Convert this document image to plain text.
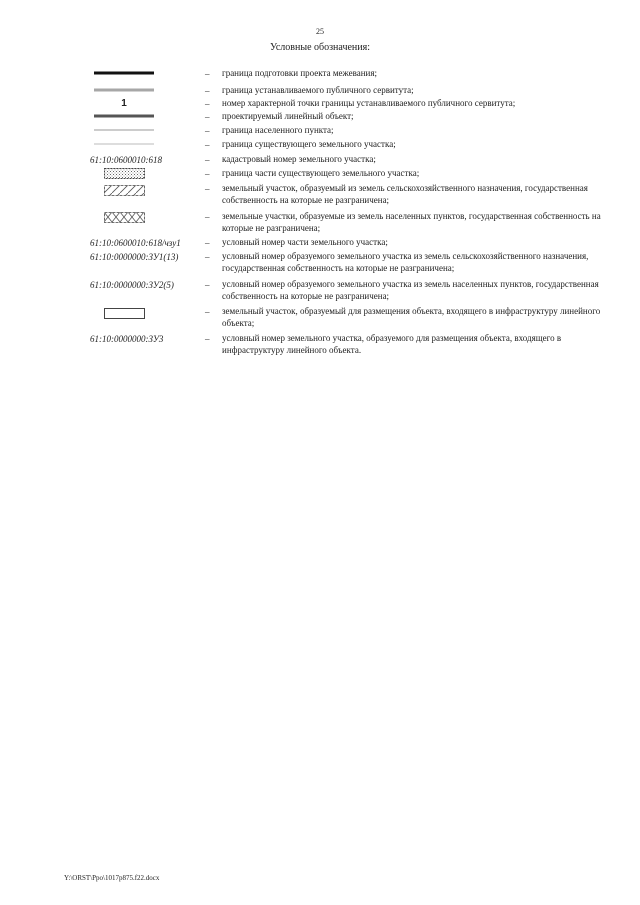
25
Условные обозначения:
– граница подготовки проекта межевания;
– граница устанавливаемого публичного сервитута;
1	– номер характерной точки границы устанавливаемого публичного сервитута;
– проектируемый линейный объект;
– граница населенного пункта;
– граница существующего земельного участка;
61:10:0600010:618	– кадастровый номер земельного участка;
– граница части существующего земельного участка;
– земельный участок, образуемый из земель сельскохозяйственного назначения, государственная собственность на которые не разграничена;
– земельные участки, образуемые из земель населенных пунктов, государственная собственность на которые не разграничена;
61:10:0600010:618/чзу1	– условный номер части земельного участка;
61:10:0000000:ЗУ1(13)	– условный номер образуемого земельного участка из земель сельскохозяйственного назначения, государственная собственность на которые не разграничена;
61:10:0000000:ЗУ2(5)	– условный номер образуемого земельного участка из земель населенных пунктов, государственная собственность на которые не разграничена;
– земельный участок, образуемый для размещения объекта, входящего в инфраструктуру линейного объекта;
61:10:0000000:ЗУ3	– условный номер земельного участка, образуемого для размещения объекта, входящего в инфраструктуру линейного объекта.
Y:\ORST\Ppo\1017p875.f22.docx
